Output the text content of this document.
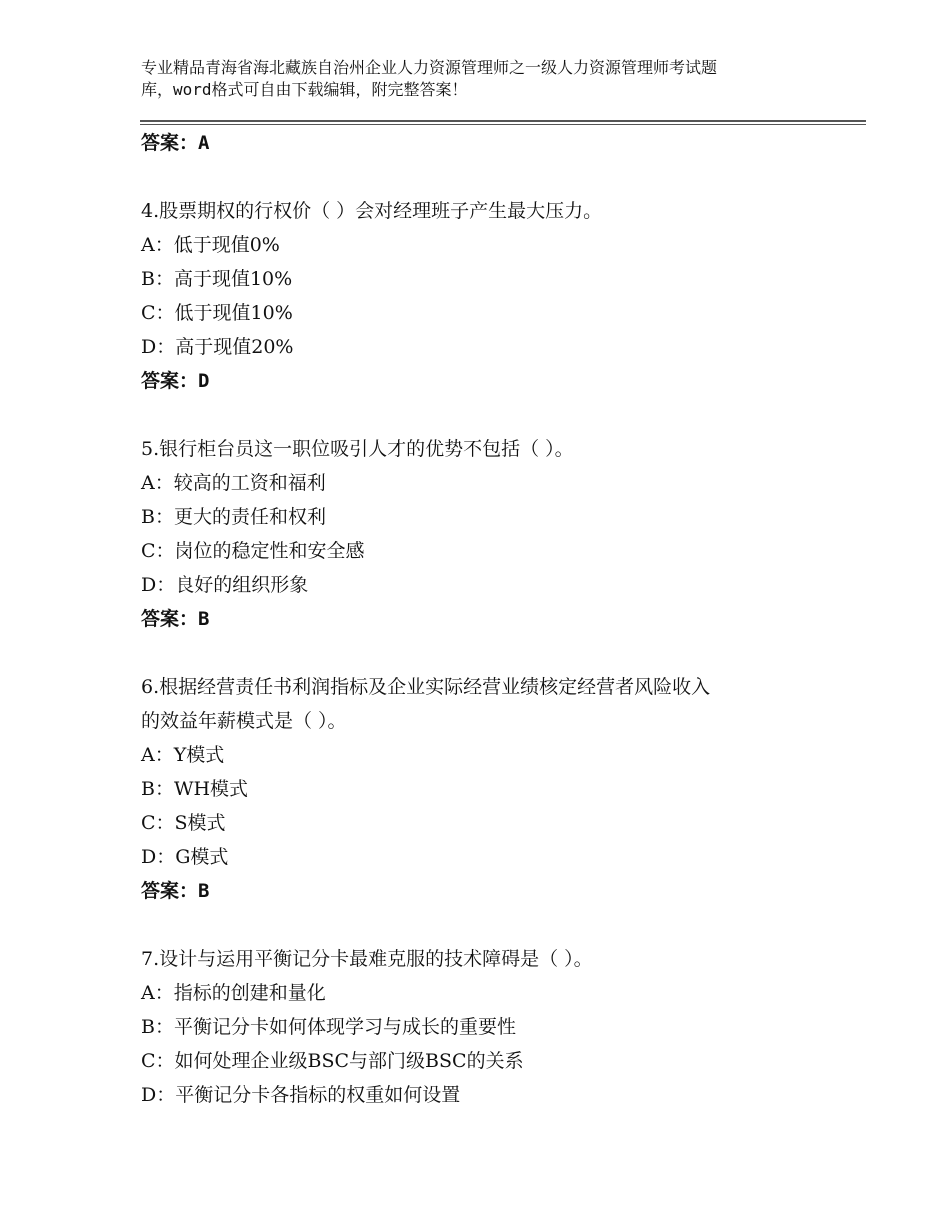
专业精品青海省海北藏族自治州企业人力资源管理师之一级人力资源管理师考试题
库，word格式可自由下载编辑，附完整答案！
答案：A
4.股票期权的行权价（ ）会对经理班子产生最大压力。
A：低于现值0%
B：高于现值10%
C：低于现值10%
D：高于现值20%
答案：D
5.银行柜台员这一职位吸引人才的优势不包括（ ）。
A：较高的工资和福利
B：更大的责任和权利
C：岗位的稳定性和安全感
D：良好的组织形象
答案：B
6.根据经营责任书利润指标及企业实际经营业绩核定经营者风险收入
的效益年薪模式是（ ）。
A：Y模式
B：WH模式
C：S模式
D：G模式
答案：B
7.设计与运用平衡记分卡最难克服的技术障碍是（ ）。
A：指标的创建和量化
B：平衡记分卡如何体现学习与成长的重要性
C：如何处理企业级BSC与部门级BSC的关系
D：平衡记分卡各指标的权重如何设置
